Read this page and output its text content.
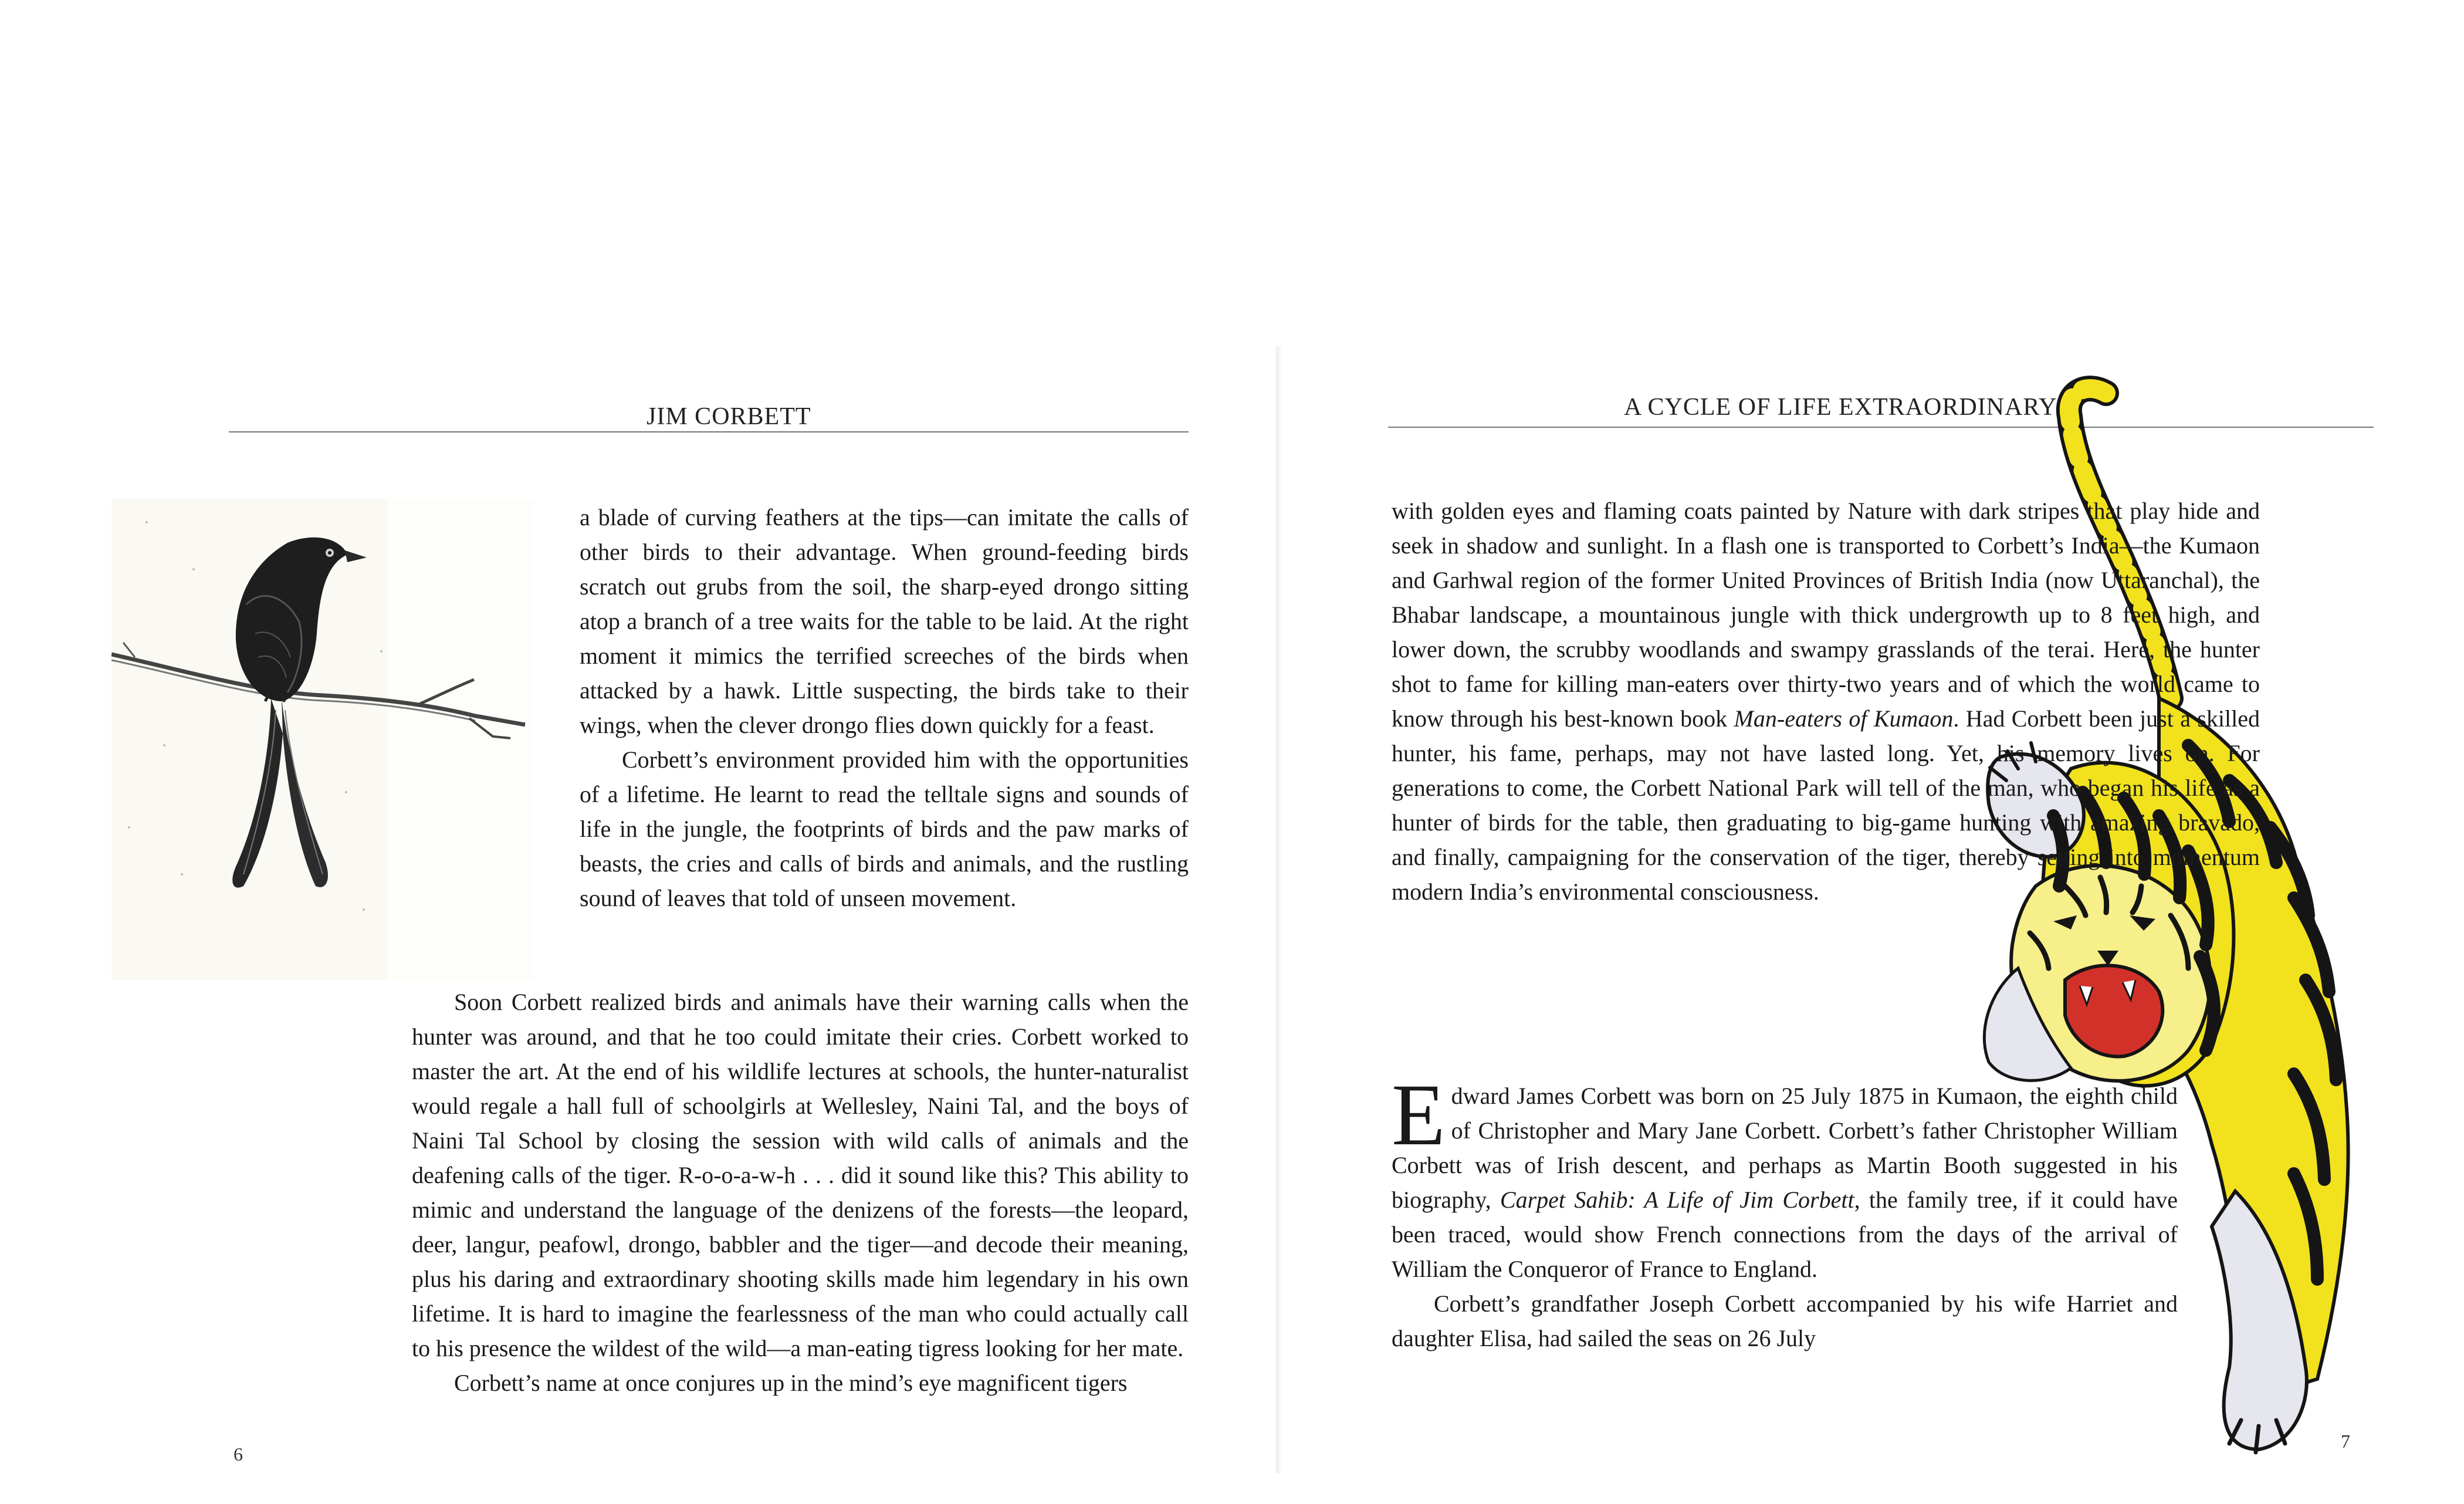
JIM CORBETT

a blade of curving feathers at the tips—can imitate the calls of other birds to their advantage. When ground-feeding birds scratch out grubs from the soil, the sharp-eyed drongo sitting atop a branch of a tree waits for the table to be laid. At the right moment it mimics the terrified screeches of the birds when attacked by a hawk. Little suspecting, the birds take to their wings, when the clever drongo flies down quickly for a feast.

Corbett’s environment provided him with the opportunities of a lifetime. He learnt to read the telltale signs and sounds of life in the jungle, the footprints of birds and the paw marks of beasts, the cries and calls of birds and animals, and the rustling sound of leaves that told of unseen movement.

Soon Corbett realized birds and animals have their warning calls when the hunter was around, and that he too could imitate their cries. Corbett worked to master the art. At the end of his wildlife lectures at schools, the hunter-naturalist would regale a hall full of schoolgirls at Wellesley, Naini Tal, and the boys of Naini Tal School by closing the session with wild calls of animals and the deafening calls of the tiger. R-o-o-a-w-h . . . did it sound like this? This ability to mimic and understand the language of the denizens of the forests—the leopard, deer, langur, peafowl, drongo, babbler and the tiger—and decode their meaning, plus his daring and extraordinary shooting skills made him legendary in his own lifetime. It is hard to imagine the fearlessness of the man who could actually call to his presence the wildest of the wild—a man-eating tigress looking for her mate.

Corbett’s name at once conjures up in the mind’s eye magnificent tigers

6
A CYCLE OF LIFE EXTRAORDINARY

with golden eyes and flaming coats painted by Nature with dark stripes that play hide and seek in shadow and sunlight. In a flash one is transported to Corbett’s India—the Kumaon and Garhwal region of the former United Provinces of British India (now Uttaranchal), the Bhabar landscape, a mountainous jungle with thick undergrowth up to 8 feet high, and lower down, the scrubby woodlands and swampy grasslands of the terai. Here, the hunter shot to fame for killing man-eaters over thirty-two years and of which the world came to know through his best-known book Man-eaters of Kumaon. Had Corbett been just a skilled hunter, his fame, perhaps, may not have lasted long. Yet, his memory lives on. For generations to come, the Corbett National Park will tell of the man, who began his life as a hunter of birds for the table, then graduating to big-game hunting with amazing bravado, and finally, campaigning for the conservation of the tiger, thereby setting into momentum modern India’s environmental consciousness.

Edward James Corbett was born on 25 July 1875 in Kumaon, the eighth child of Christopher and Mary Jane Corbett. Corbett’s father Christopher William Corbett was of Irish descent, and perhaps as Martin Booth suggested in his biography, Carpet Sahib: A Life of Jim Corbett, the family tree, if it could have been traced, would show French connections from the days of the arrival of William the Conqueror of France to England.

Corbett’s grandfather Joseph Corbett accompanied by his wife Harriet and daughter Elisa, had sailed the seas on 26 July

7
